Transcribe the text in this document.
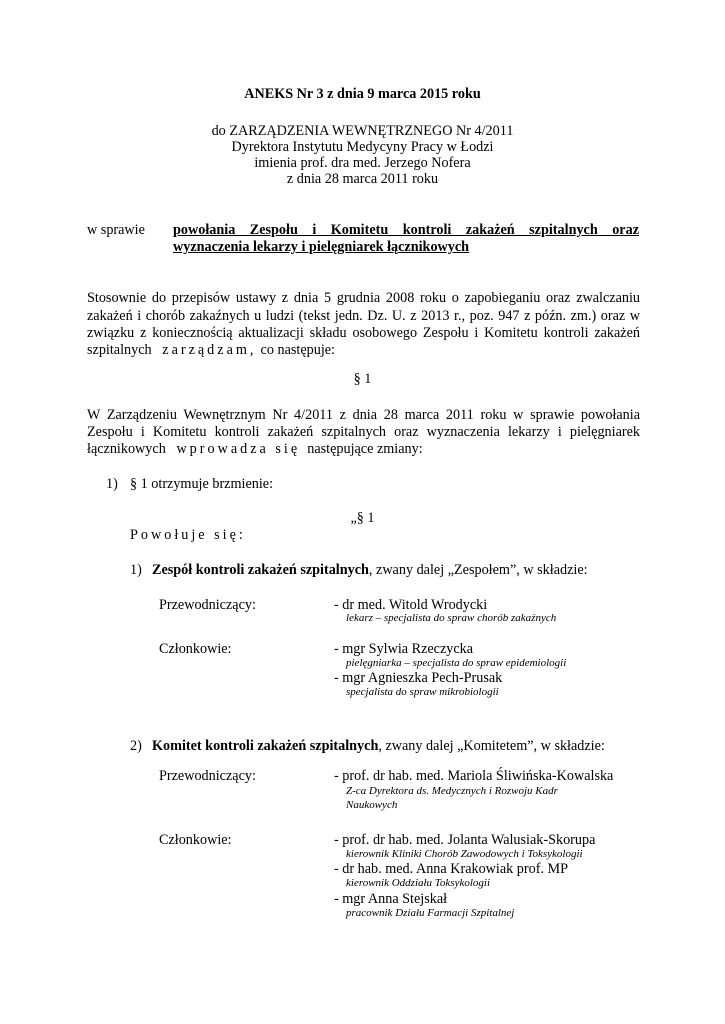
ANEKS Nr 3 z dnia 9 marca 2015 roku
do ZARZĄDZENIA WEWNĘTRZNEGO Nr 4/2011
Dyrektora Instytutu Medycyny Pracy w Łodzi
imienia prof. dra med. Jerzego Nofera
z dnia 28 marca 2011 roku
w sprawie powołania Zespołu i Komitetu kontroli zakażeń szpitalnych oraz
wyznaczenia lekarzy i pielęgniarek łącznikowych
Stosownie do przepisów ustawy z dnia 5 grudnia 2008 roku o zapobieganiu oraz zwalczaniu
zakażeń i chorób zakaźnych u ludzi (tekst jedn. Dz. U. z 2013 r., poz. 947 z późn. zm.) oraz w
związku z koniecznością aktualizacji składu osobowego Zespołu i Komitetu kontroli zakażeń
szpitalnych   zarządzam,  co następuje:
§ 1
W Zarządzeniu Wewnętrznym Nr 4/2011 z dnia 28 marca 2011 roku w sprawie powołania
Zespołu i Komitetu kontroli zakażeń szpitalnych oraz wyznaczenia lekarzy i pielęgniarek
łącznikowych   wprowadza się  następujące zmiany:
1) § 1 otrzymuje brzmienie:
„§ 1
Powołuje się:
1) Zespół kontroli zakażeń szpitalnych, zwany dalej „Zespołem”, w składzie:
Przewodniczący:	- dr med. Witold Wrodycki
lekarz – specjalista do spraw chorób zakaźnych
Członkowie:	- mgr Sylwia Rzeczycka
pielęgniarka – specjalista do spraw epidemiologii
- mgr Agnieszka Pech-Prusak
specjalista do spraw mikrobiologii
2) Komitet kontroli zakażeń szpitalnych, zwany dalej „Komitetem”, w składzie:
Przewodniczący:	- prof. dr hab. med. Mariola Śliwińska-Kowalska
Z-ca Dyrektora ds. Medycznych i Rozwoju Kadr
Naukowych
Członkowie:	- prof. dr hab. med. Jolanta Walusiak-Skorupa
kierownik Kliniki Chorób Zawodowych i Toksykologii
- dr hab. med. Anna Krakowiak prof. MP
kierownik Oddziału Toksykologii
- mgr Anna Stejskał
pracownik Działu Farmacji Szpitalnej
